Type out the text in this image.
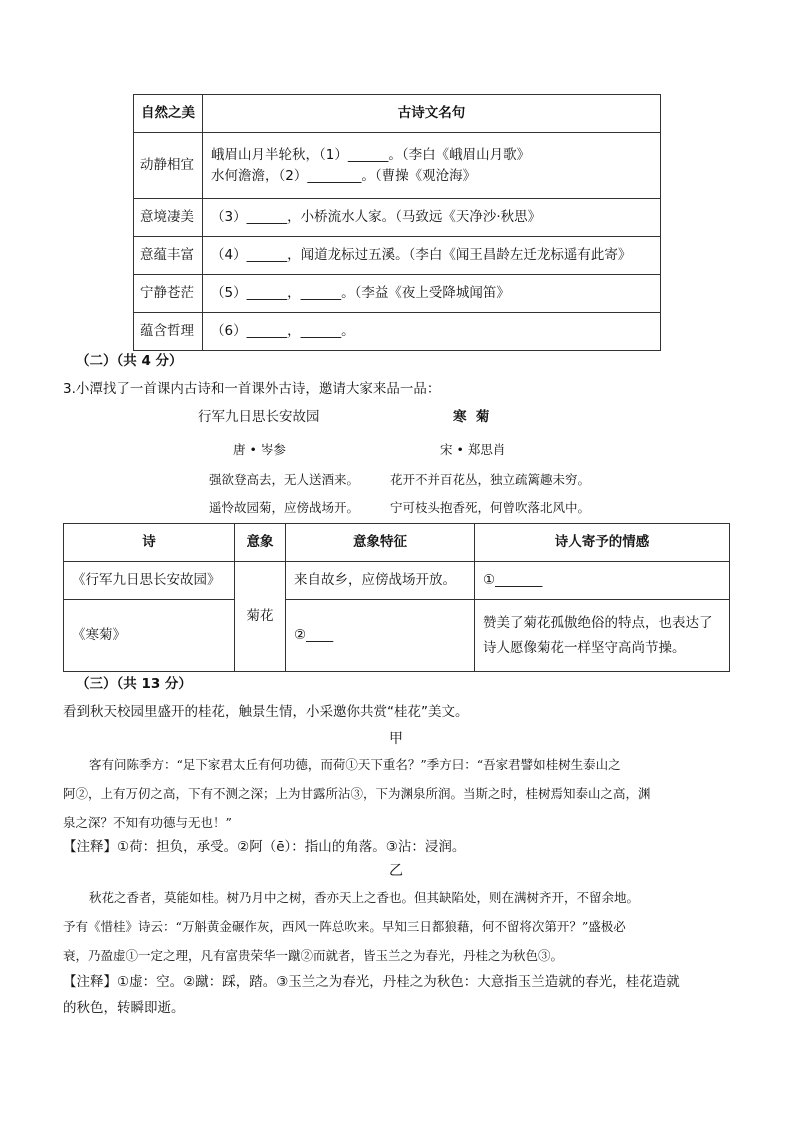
自然之美	古诗文名句
动静相宜	峨眉山月半轮秋，（1）______。（李白《峨眉山月歌》
水何澹澹，（2）________。（曹操《观沧海》

意境凄美	（3）______，小桥流水人家。（马致远《天净沙·秋思》
意蕴丰富	（4）______，闻道龙标过五溪。（李白《闻王昌龄左迁龙标遥有此寄》
宁静苍茫	（5）______，______。（李益《夜上受降城闻笛》
蕴含哲理	（6）______，______。
（二）（共 4 分）
3.小潭找了一首课内古诗和一首课外古诗，邀请大家来品一品：
行军九日思长安故园
唐 • 岑参
强欲登高去，无人送酒来。
遥怜故园菊，应傍战场开。
寒  菊
宋 • 郑思肖
花开不并百花丛，独立疏篱趣未穷。
宁可枝头抱香死，何曾吹落北风中。
诗	意象	意象特征	诗人寄予的情感
《行军九日思长安故园》	菊花	来自故乡，应傍战场开放。	①_______
《寒菊》		②____	赞美了菊花孤傲绝俗的特点，也表达了
诗人愿像菊花一样坚守高尚节操。
（三）（共 13 分）
看到秋天校园里盛开的桂花，触景生情，小采邀你共赏“桂花”美文。
甲
客有问陈季方：“足下家君太丘有何功德，而荷①天下重名？”季方曰：“吾家君譬如桂树生泰山之
阿②，上有万仞之高，下有不测之深；上为甘露所沾③，下为渊泉所润。当斯之时，桂树焉知泰山之高，渊
泉之深？不知有功德与无也！”
【注释】①荷：担负，承受。②阿（ē）：指山的角落。③沾：浸润。
乙
秋花之香者，莫能如桂。树乃月中之树，香亦天上之香也。但其缺陷处，则在满树齐开，不留余地。
予有《惜桂》诗云：“万斛黄金碾作灰，西风一阵总吹来。早知三日都狼藉，何不留将次第开？”盛极必
衰，乃盈虚①一定之理，凡有富贵荣华一蹴②而就者，皆玉兰之为春光，丹桂之为秋色③。
【注释】①虚：空。②蹴：踩，踏。③玉兰之为春光，丹桂之为秋色：大意指玉兰造就的春光，桂花造就
的秋色，转瞬即逝。
